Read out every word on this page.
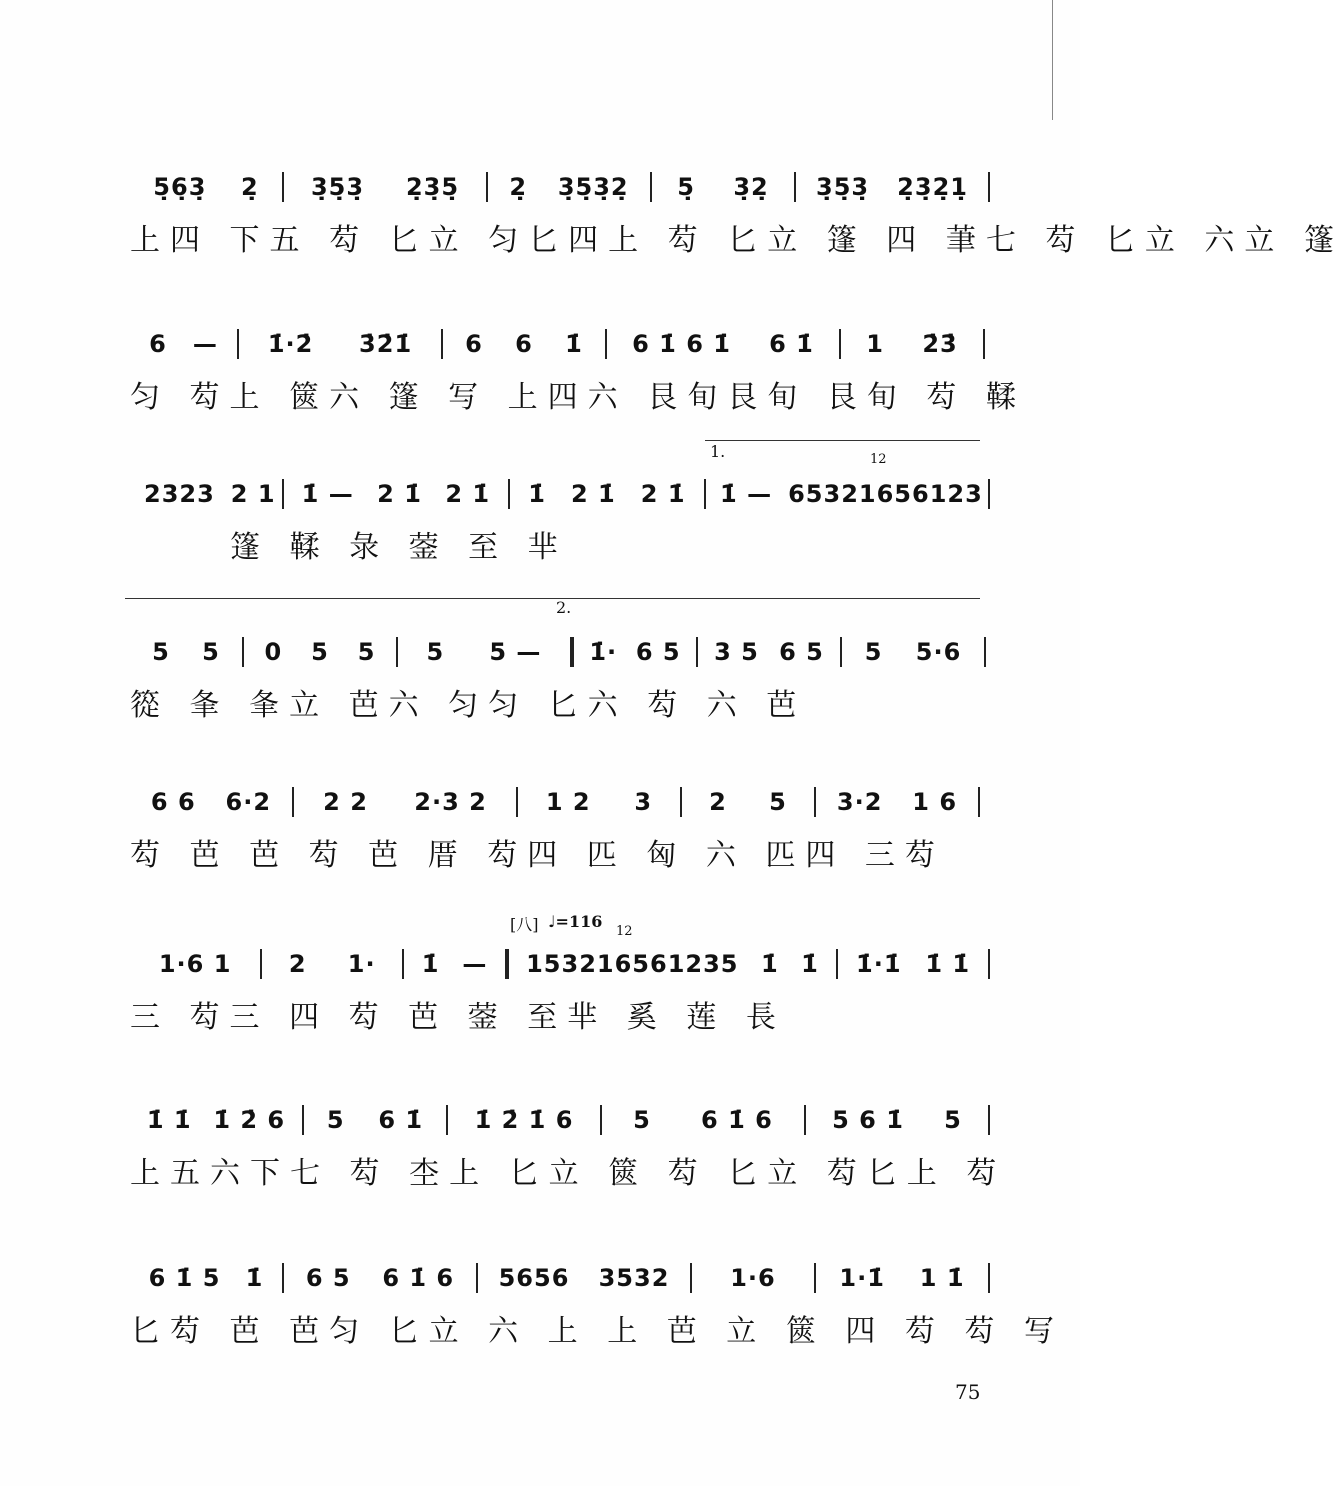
5̣6̣3̣ 2̣ 3̣5̣3̣ 2̣3̣5̣ 2̣ 3̣5̣3̣2̣ 5̣ 3̣2̣ 3̣5̣3̣ 2̣3̣2̣1̣
上四 下五 芶 匕立 匀匕四上 芶 匕立 篷 四 茟七 芶 匕立 六立 篷
6 — 1̇·2̇ 3̇2̇1̇ 6 6 1̇ 6 1̇ 6 1̇ 6 1̇ 1 2̇3̇
匀 芶上 篋六 篷 写 上四六 艮旬艮旬 艮旬 芶 鞣
1.	12
2323 2 1 1̇ — 2 1̇ 2 1̇ 1̇ 2 1̇ 2 1̇ 1̇ — 65321656123
篷 鞣 彔 蓥 至 芈
2.
5 5 0 5 5 5 5 — 1̇· 6 5 3 5 6 5 5 5·6
篵 夆 夆立 芭六 匀匀 匕六 芶 六 芭
6 6 6·2 2 2 2·3 2 1 2 3 2 5 3·2 1 6
芶 芭 芭 芶 芭 厝 芶四 匹 匈 六 匹四 三芶
[八] ♩=116
12
1·6 1 2 1· 1̇ — 153216561235 1̇ 1̇ 1̇·1̇ 1̇ 1̇
三 芶三 四 芶 芭 蓥 至芈 奚 莲 長
1̇ 1̇ 1̇ 2̇ 6 5 6 1̇ 1̇ 2̇ 1̇ 6 5 6 1̇ 6 5 6 1̇ 5
上五六下七 芶 杢上 匕立 篋 芶 匕立 芶匕上 芶
6 1̇ 5 1̇ 6 5 6 1̇ 6 5656 3532	1·6	1·1̇ 1 1̇
匕芶 芭 芭匀 匕立 六 上 上 芭 立 篋 四 芶 芶 写
75
